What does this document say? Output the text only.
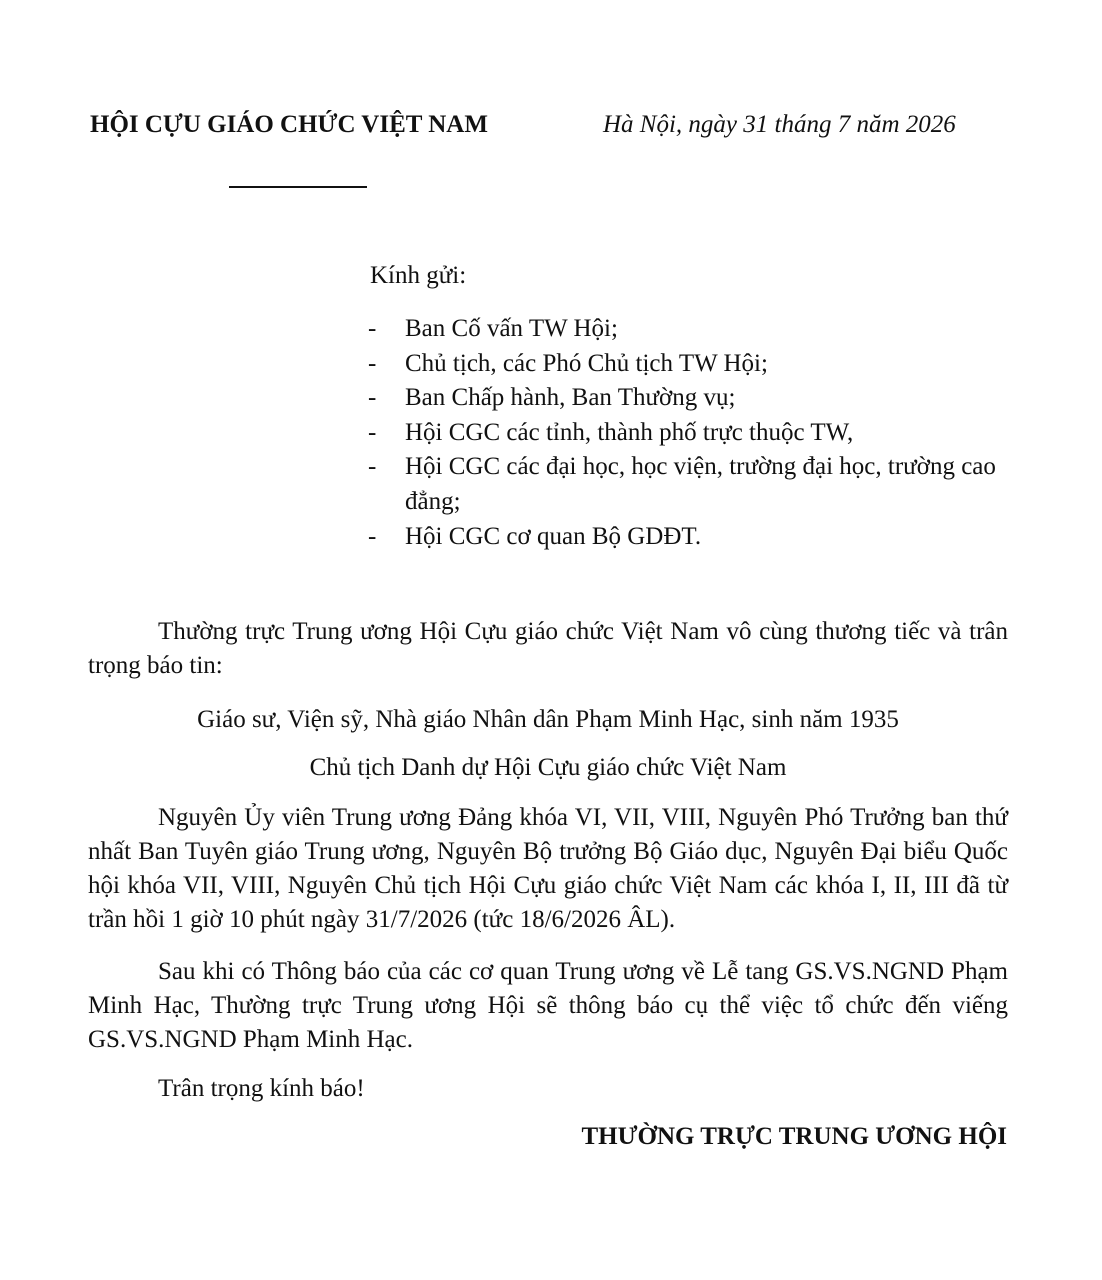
HỘI CỰU GIÁO CHỨC VIỆT NAM	Hà Nội, ngày 31 tháng 7 năm 2026
Kính gửi:
- Ban Cố vấn TW Hội;
- Chủ tịch, các Phó Chủ tịch TW Hội;
- Ban Chấp hành, Ban Thường vụ;
- Hội CGC các tỉnh, thành phố trực thuộc TW,
- Hội CGC các đại học, học viện, trường đại học, trường cao đẳng;
- Hội CGC cơ quan Bộ GDĐT.

Thường trực Trung ương Hội Cựu giáo chức Việt Nam vô cùng thương tiếc và trân trọng báo tin:

Giáo sư, Viện sỹ, Nhà giáo Nhân dân Phạm Minh Hạc, sinh năm 1935
Chủ tịch Danh dự Hội Cựu giáo chức Việt Nam

Nguyên Ủy viên Trung ương Đảng khóa VI, VII, VIII, Nguyên Phó Trưởng ban thứ nhất Ban Tuyên giáo Trung ương, Nguyên Bộ trưởng Bộ Giáo dục, Nguyên Đại biểu Quốc hội khóa VII, VIII, Nguyên Chủ tịch Hội Cựu giáo chức Việt Nam các khóa I, II, III đã từ trần hồi 1 giờ 10 phút ngày 31/7/2026 (tức 18/6/2026 ÂL).

Sau khi có Thông báo của các cơ quan Trung ương về Lễ tang GS.VS.NGND Phạm Minh Hạc, Thường trực Trung ương Hội sẽ thông báo cụ thể việc tổ chức đến viếng GS.VS.NGND Phạm Minh Hạc.

Trân trọng kính báo!

THƯỜNG TRỰC TRUNG ƯƠNG HỘI
